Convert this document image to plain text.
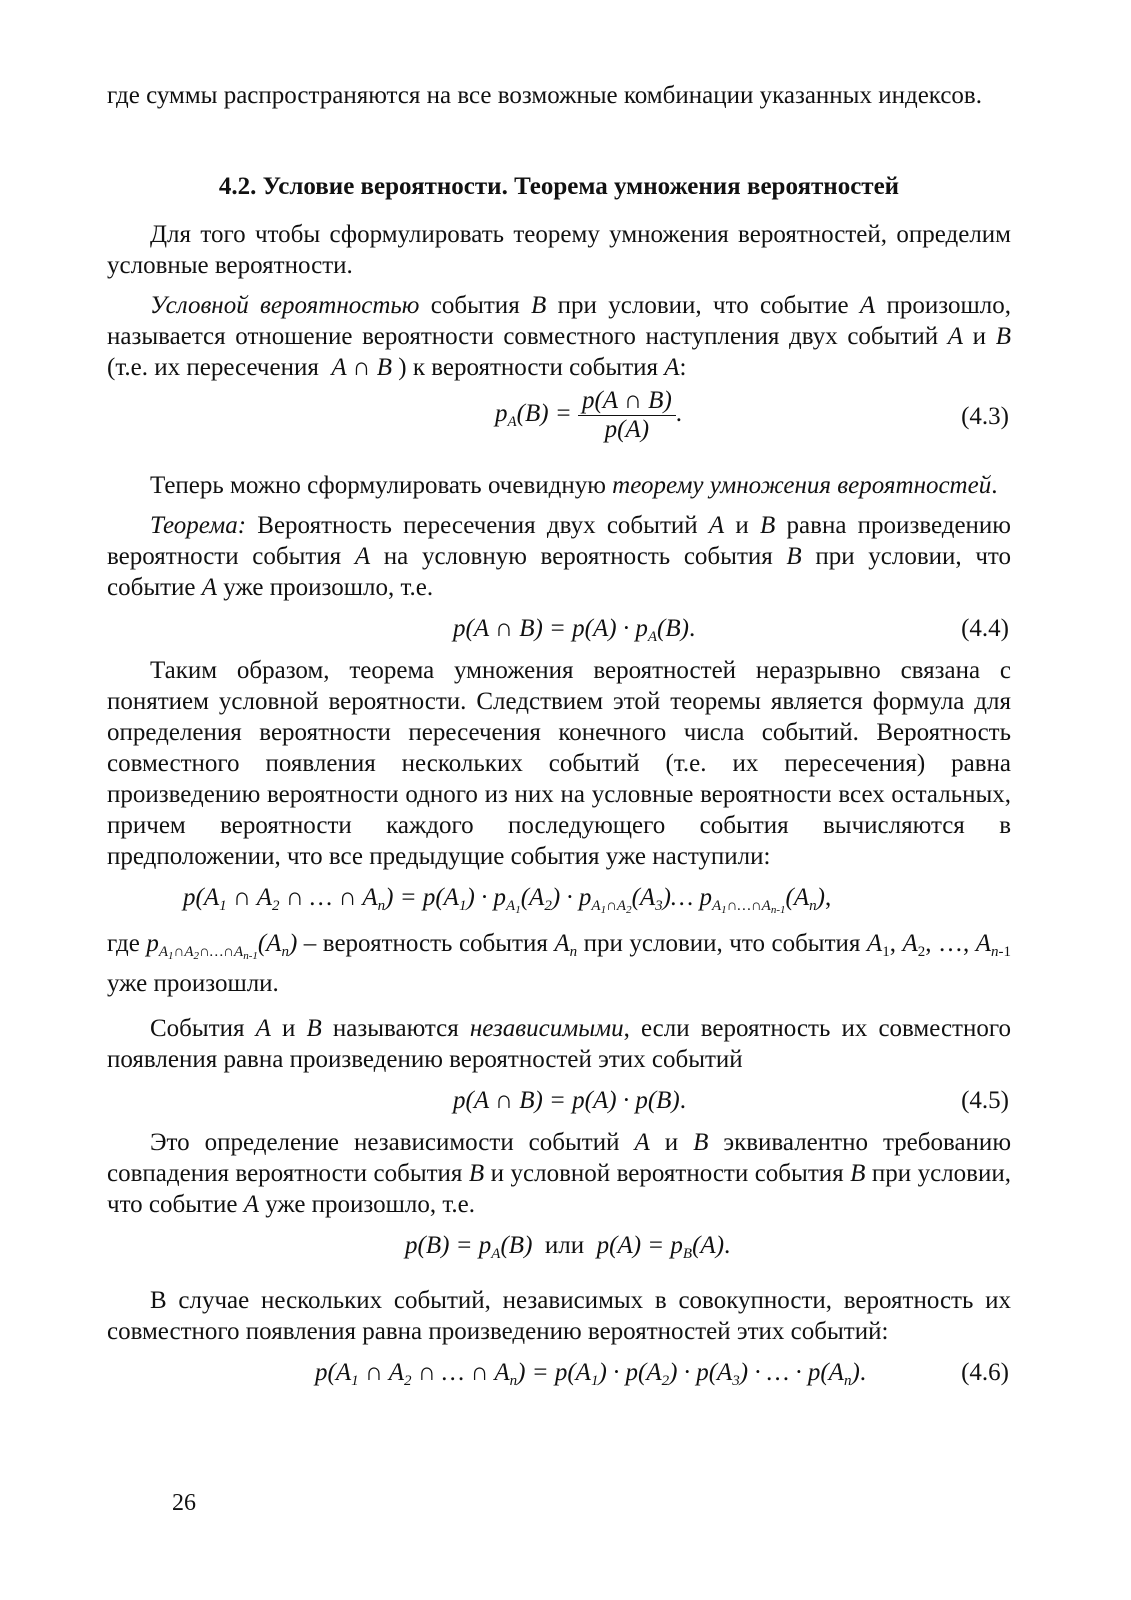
где суммы распространяются на все возможные комбинации указанных индексов.

4.2. Условие вероятности. Теорема умножения вероятностей

Для того чтобы сформулировать теорему умножения вероятностей, определим условные вероятности.

Условной вероятностью события B при условии, что событие A произошло, называется отношение вероятности совместного наступления двух событий A и B (т.е. их пересечения  A ∩ B ) к вероятности события A:

$p_A(B) = \frac{p(A \cap B)}{p(A)}$ .	(4.3)

Теперь можно сформулировать очевидную теорему умножения вероятностей.

Теорема: Вероятность пересечения двух событий A и B равна произведению вероятности события A на условную вероятность события B при условии, что событие A уже произошло, т.е.

p(A ∩ $B) = p(A) \cdot p_A(B)$.	(4.4)

Таким образом, теорема умножения вероятностей неразрывно связана с понятием условной вероятности. Следствием этой теоремы является формула для определения вероятности пересечения конечного числа событий. Вероятность совместного появления нескольких событий (т.е. их пересечения) равна произведению вероятности одного из них на условные вероятности всех остальных, причем вероятности каждого последующего события вычисляются в предположении, что все предыдущие события уже наступили:

$p(A_1$ ∩ $A_2$ ∩ … ∩ $A_n) = p(A_1) \cdot p_{A_1}(A_2)$ · $p_{A_1\cap A_2}(A_3)\dots$ $p_{A_1\cap\dots\cap A_{n-1}}(A_n)$,

где $p_{A_1\cap A_2\cap\dots\cap A_{n-1}}(A_n)$ – вероятность события $A_n$ при условии, что события $A_1$, $A_2$, …, $A_{n-1}$ уже произошли.

События A и B называются независимыми, если вероятность их совместного появления равна произведению вероятностей этих событий

p(A ∩ B) = p(A) · p(B).	(4.5)

Это определение независимости событий A и B эквивалентно требованию совпадения вероятности события B и условной вероятности события B при условии, что событие A уже произошло, т.е.

$p(B) = p_A(B)$  или  $p(A) = p_B(A)$.

В случае нескольких событий, независимых в совокупности, вероятность их совместного появления равна произведению вероятностей этих событий:

$p(A_1$ ∩ $A_2$ ∩ … ∩ $A_n) = p(A_1) \cdot p(A_2) \cdot p(A_3)$ · … · $p(A_n)$.	(4.6)
26
